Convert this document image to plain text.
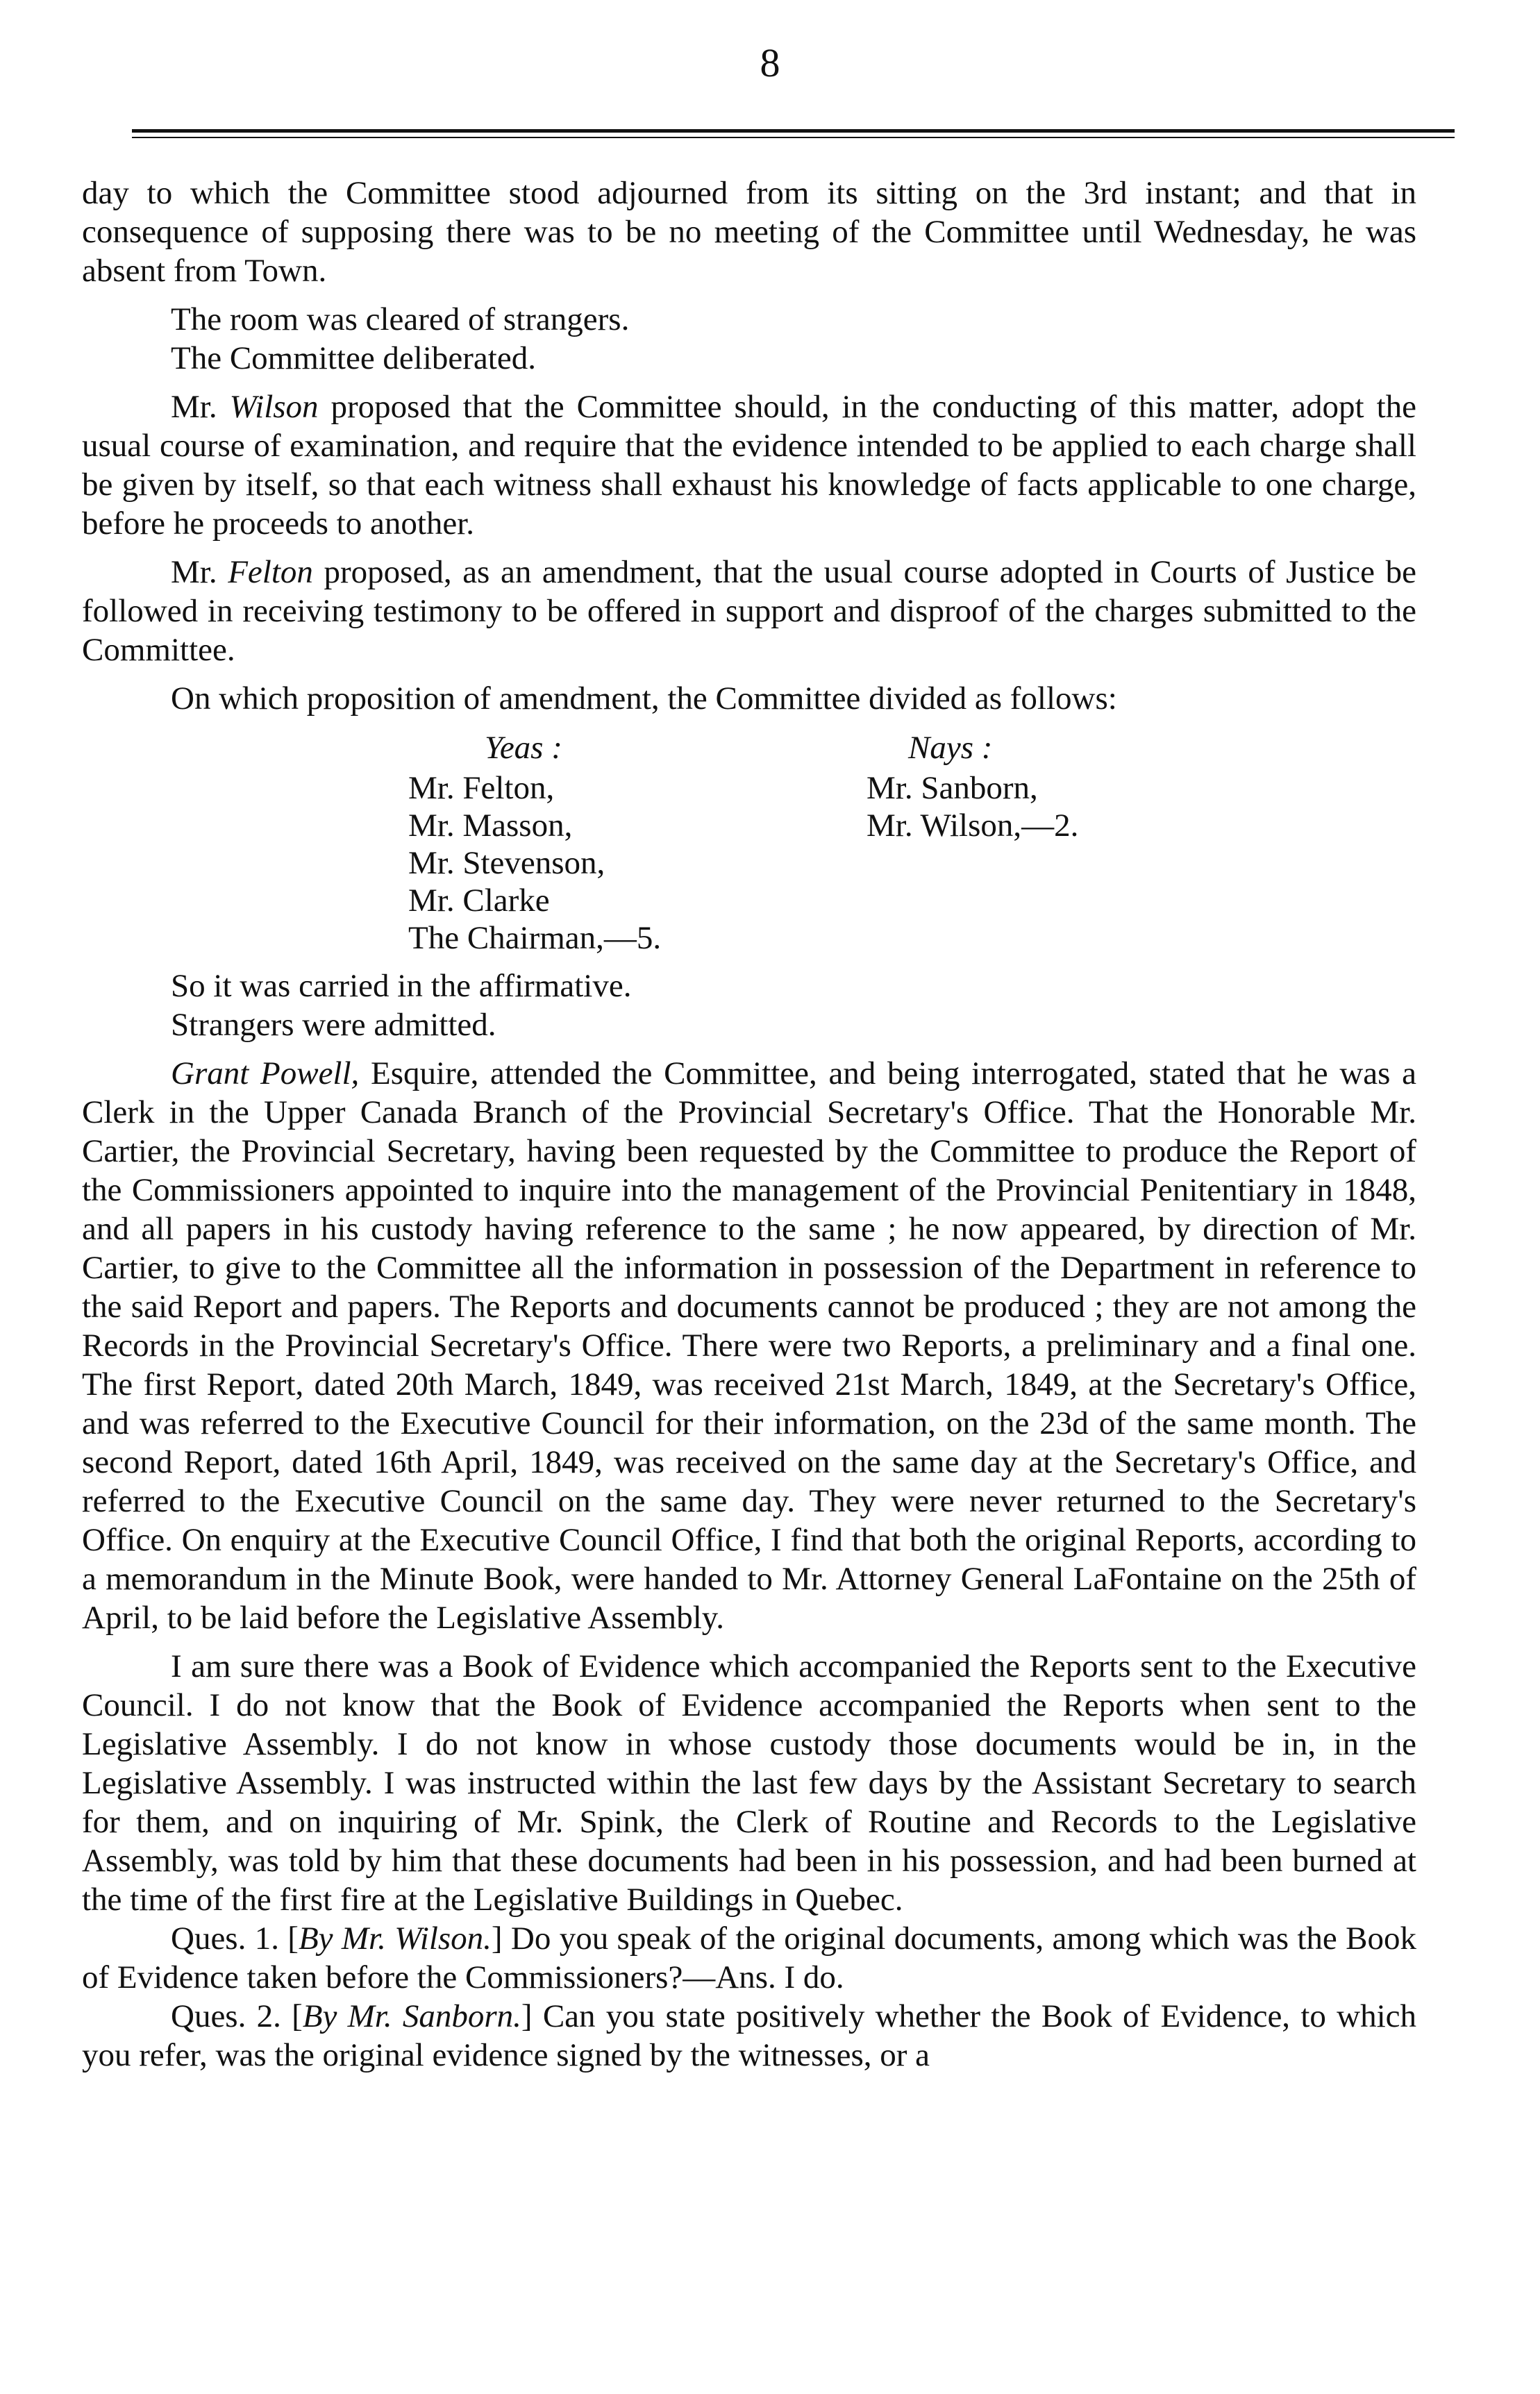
8

day to which the Committee stood adjourned from its sitting on the 3rd instant; and that in consequence of supposing there was to be no meeting of the Committee until Wednesday, he was absent from Town.

The room was cleared of strangers.

The Committee deliberated.

Mr. Wilson proposed that the Committee should, in the conducting of this matter, adopt the usual course of examination, and require that the evidence intended to be applied to each charge shall be given by itself, so that each witness shall exhaust his knowledge of facts applicable to one charge, before he proceeds to another.

Mr. Felton proposed, as an amendment, that the usual course adopted in Courts of Justice be followed in receiving testimony to be offered in support and disproof of the charges submitted to the Committee.

On which proposition of amendment, the Committee divided as follows:

Yeas :
Mr. Felton,
Mr. Masson,
Mr. Stevenson,
Mr. Clarke
The Chairman,—5.
Nays :
Mr. Sanborn,
Mr. Wilson,—2.

So it was carried in the affirmative.

Strangers were admitted.

Grant Powell, Esquire, attended the Committee, and being interrogated, stated that he was a Clerk in the Upper Canada Branch of the Provincial Secretary's Office. That the Honorable Mr. Cartier, the Provincial Secretary, having been requested by the Committee to produce the Report of the Commissioners appointed to inquire into the management of the Provincial Penitentiary in 1848, and all papers in his custody having reference to the same ; he now appeared, by direction of Mr. Cartier, to give to the Committee all the information in possession of the Department in reference to the said Report and papers. The Reports and documents cannot be produced ; they are not among the Records in the Provincial Secretary's Office. There were two Reports, a preliminary and a final one. The first Report, dated 20th March, 1849, was received 21st March, 1849, at the Secretary's Office, and was referred to the Executive Council for their information, on the 23d of the same month. The second Report, dated 16th April, 1849, was received on the same day at the Secretary's Office, and referred to the Executive Council on the same day. They were never returned to the Secretary's Office. On enquiry at the Executive Council Office, I find that both the original Reports, according to a memorandum in the Minute Book, were handed to Mr. Attorney General LaFontaine on the 25th of April, to be laid before the Legislative Assembly.

I am sure there was a Book of Evidence which accompanied the Reports sent to the Executive Council. I do not know that the Book of Evidence accompanied the Reports when sent to the Legislative Assembly. I do not know in whose custody those documents would be in, in the Legislative Assembly. I was instructed within the last few days by the Assistant Secretary to search for them, and on inquiring of Mr. Spink, the Clerk of Routine and Records to the Legislative Assembly, was told by him that these documents had been in his possession, and had been burned at the time of the first fire at the Legislative Buildings in Quebec.

Ques. 1. [By Mr. Wilson.] Do you speak of the original documents, among which was the Book of Evidence taken before the Commissioners?—Ans. I do.

Ques. 2. [By Mr. Sanborn.] Can you state positively whether the Book of Evidence, to which you refer, was the original evidence signed by the witnesses, or a
